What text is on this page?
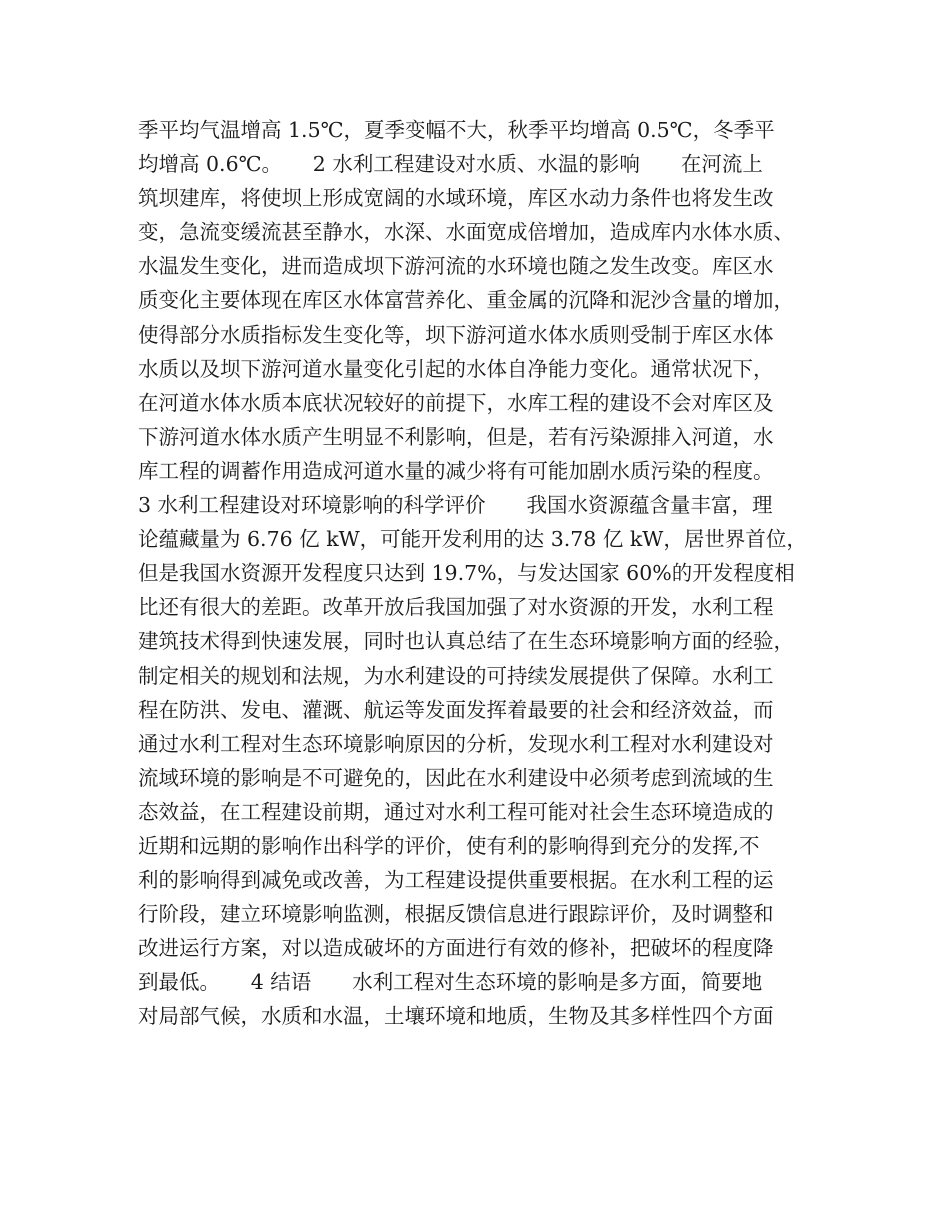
季平均气温增高 1.5℃，夏季变幅不大，秋季平均增高 0.5℃，冬季平
均增高 0.6℃。　　2 水利工程建设对水质、水温的影响　　在河流上
筑坝建库，将使坝上形成宽阔的水域环境，库区水动力条件也将发生改
变，急流变缓流甚至静水，水深、水面宽成倍增加，造成库内水体水质、
水温发生变化，进而造成坝下游河流的水环境也随之发生改变。库区水
质变化主要体现在库区水体富营养化、重金属的沉降和泥沙含量的增加，
使得部分水质指标发生变化等，坝下游河道水体水质则受制于库区水体
水质以及坝下游河道水量变化引起的水体自净能力变化。通常状况下，
在河道水体水质本底状况较好的前提下，水库工程的建设不会对库区及
下游河道水体水质产生明显不利影响，但是，若有污染源排入河道，水
库工程的调蓄作用造成河道水量的减少将有可能加剧水质污染的程度。
3 水利工程建设对环境影响的科学评价　　我国水资源蕴含量丰富，理
论蕴藏量为 6.76 亿 kW，可能开发利用的达 3.78 亿 kW，居世界首位，
但是我国水资源开发程度只达到 19.7%，与发达国家 60%的开发程度相
比还有很大的差距。改革开放后我国加强了对水资源的开发，水利工程
建筑技术得到快速发展，同时也认真总结了在生态环境影响方面的经验，
制定相关的规划和法规，为水利建设的可持续发展提供了保障。水利工
程在防洪、发电、灌溉、航运等发面发挥着最要的社会和经济效益，而
通过水利工程对生态环境影响原因的分析，发现水利工程对水利建设对
流域环境的影响是不可避免的，因此在水利建设中必须考虑到流域的生
态效益，在工程建设前期，通过对水利工程可能对社会生态环境造成的
近期和远期的影响作出科学的评价，使有利的影响得到充分的发挥,不
利的影响得到减免或改善，为工程建设提供重要根据。在水利工程的运
行阶段，建立环境影响监测，根据反馈信息进行跟踪评价，及时调整和
改进运行方案，对以造成破坏的方面进行有效的修补，把破坏的程度降
到最低。　　4 结语　　水利工程对生态环境的影响是多方面，简要地
对局部气候，水质和水温，土壤环境和地质，生物及其多样性四个方面
